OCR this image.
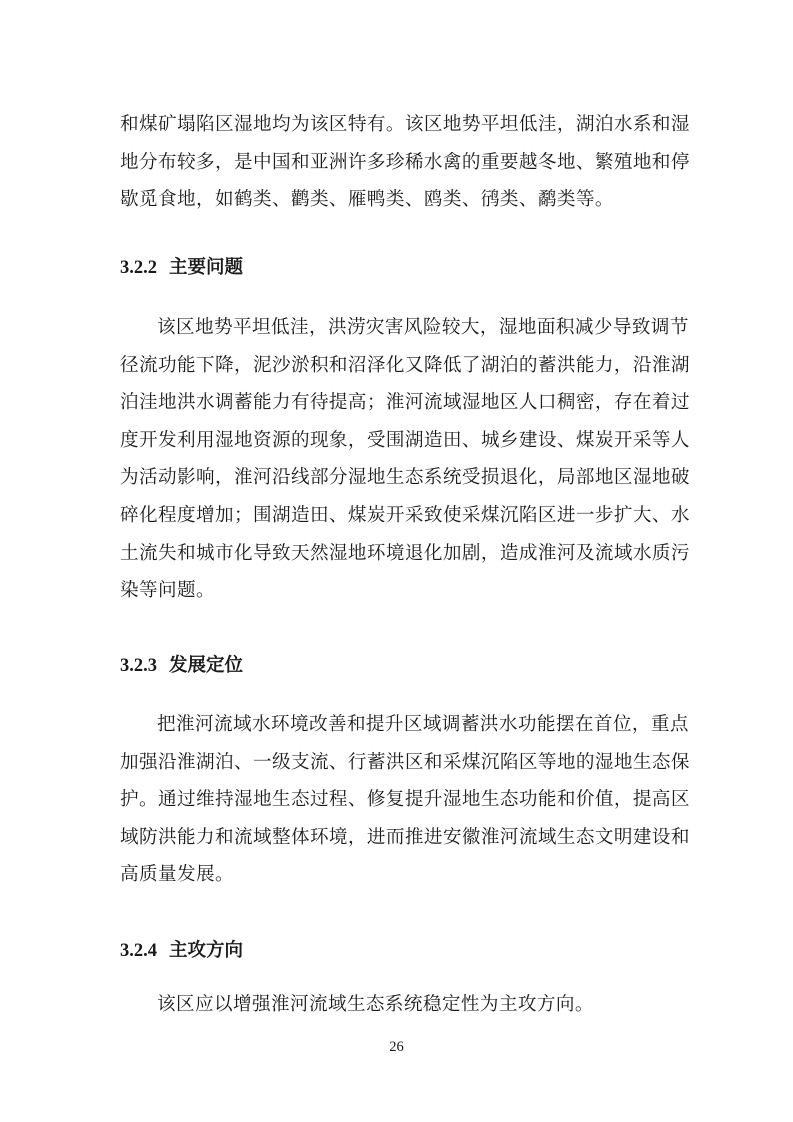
和煤矿塌陷区湿地均为该区特有。该区地势平坦低洼，湖泊水系和湿
地分布较多，是中国和亚洲许多珍稀水禽的重要越冬地、繁殖地和停
歇觅食地，如鹤类、鹳类、雁鸭类、鸥类、鸻类、鹬类等。
3.2.2 主要问题
该区地势平坦低洼，洪涝灾害风险较大，湿地面积减少导致调节
径流功能下降，泥沙淤积和沼泽化又降低了湖泊的蓄洪能力，沿淮湖
泊洼地洪水调蓄能力有待提高；淮河流域湿地区人口稠密，存在着过
度开发利用湿地资源的现象，受围湖造田、城乡建设、煤炭开采等人
为活动影响，淮河沿线部分湿地生态系统受损退化，局部地区湿地破
碎化程度增加；围湖造田、煤炭开采致使采煤沉陷区进一步扩大、水
土流失和城市化导致天然湿地环境退化加剧，造成淮河及流域水质污
染等问题。
3.2.3 发展定位
把淮河流域水环境改善和提升区域调蓄洪水功能摆在首位，重点
加强沿淮湖泊、一级支流、行蓄洪区和采煤沉陷区等地的湿地生态保
护。通过维持湿地生态过程、修复提升湿地生态功能和价值，提高区
域防洪能力和流域整体环境，进而推进安徽淮河流域生态文明建设和
高质量发展。
3.2.4 主攻方向
该区应以增强淮河流域生态系统稳定性为主攻方向。
26
